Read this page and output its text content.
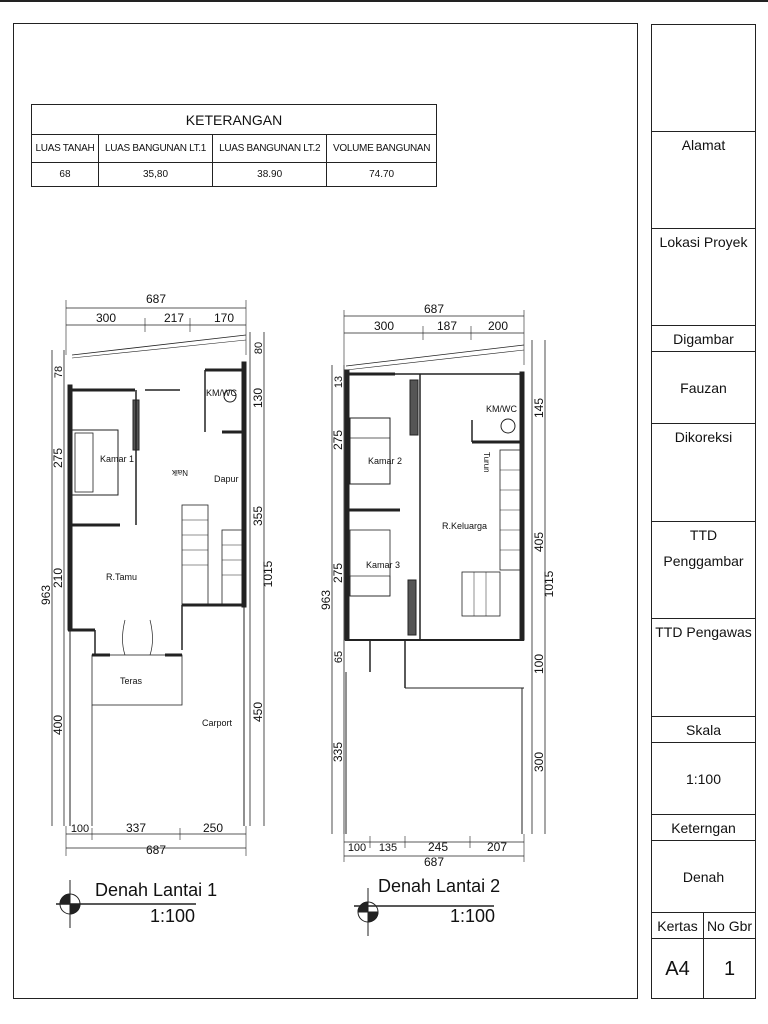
KETERANGAN			
LUAS TANAH	LUAS BANGUNAN LT.1	LUAS BANGUNAN LT.2	VOLUME BANGUNAN
68	35,80	38.90	74.70
Alamat
Lokasi Proyek
Digambar
Fauzan
Dikoreksi
TTD Penggambar
TTD Pengawas
Skala
1:100
Keterngan
Denah
Kertas No Gbr
A4	1
687
300	217 170
100	337	250
687
963
78
275
210
400
80
130
355
450
1015
Kamar 1
KM/WC
Dapur
Naik
R.Tamu
Teras
Carport
Denah Lantai 1
1:100
687
300	187	200
100 135	245	207
687
963
13
275
275
65
335
145
405
100
300
1015
Kamar 2
KM/WC
Turun
R.Keluarga
Kamar 3
Denah Lantai 2
1:100
